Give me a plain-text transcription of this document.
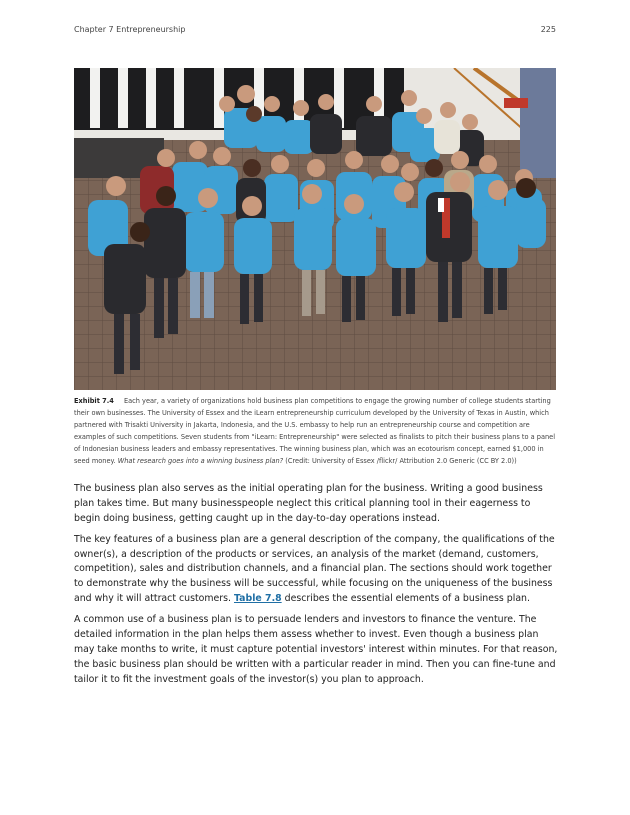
Chapter 7 Entrepreneurship	225
Exhibit 7.4 Each year, a variety of organizations hold business plan competitions to engage the growing number of college students starting their own businesses. The University of Essex and the iLearn entrepreneurship curriculum developed by the University of Texas in Austin, which partnered with Trisakti University in Jakarta, Indonesia, and the U.S. embassy to help run an entrepreneurship course and competition are examples of such competitions. Seven students from "iLearn: Entrepreneurship" were selected as finalists to pitch their business plans to a panel of Indonesian business leaders and embassy representatives. The winning business plan, which was an ecotourism concept, earned $1,000 in seed money. What research goes into a winning business plan? (Credit: University of Essex /flickr/ Attribution 2.0 Generic (CC BY 2.0))

The business plan also serves as the initial operating plan for the business. Writing a good business plan takes time. But many businesspeople neglect this critical planning tool in their eagerness to begin doing business, getting caught up in the day-to-day operations instead.

The key features of a business plan are a general description of the company, the qualifications of the owner(s), a description of the products or services, an analysis of the market (demand, customers, competition), sales and distribution channels, and a financial plan. The sections should work together to demonstrate why the business will be successful, while focusing on the uniqueness of the business and why it will attract customers. Table 7.8 describes the essential elements of a business plan.

A common use of a business plan is to persuade lenders and investors to finance the venture. The detailed information in the plan helps them assess whether to invest. Even though a business plan may take months to write, it must capture potential investors' interest within minutes. For that reason, the basic business plan should be written with a particular reader in mind. Then you can fine-tune and tailor it to fit the investment goals of the investor(s) you plan to approach.
